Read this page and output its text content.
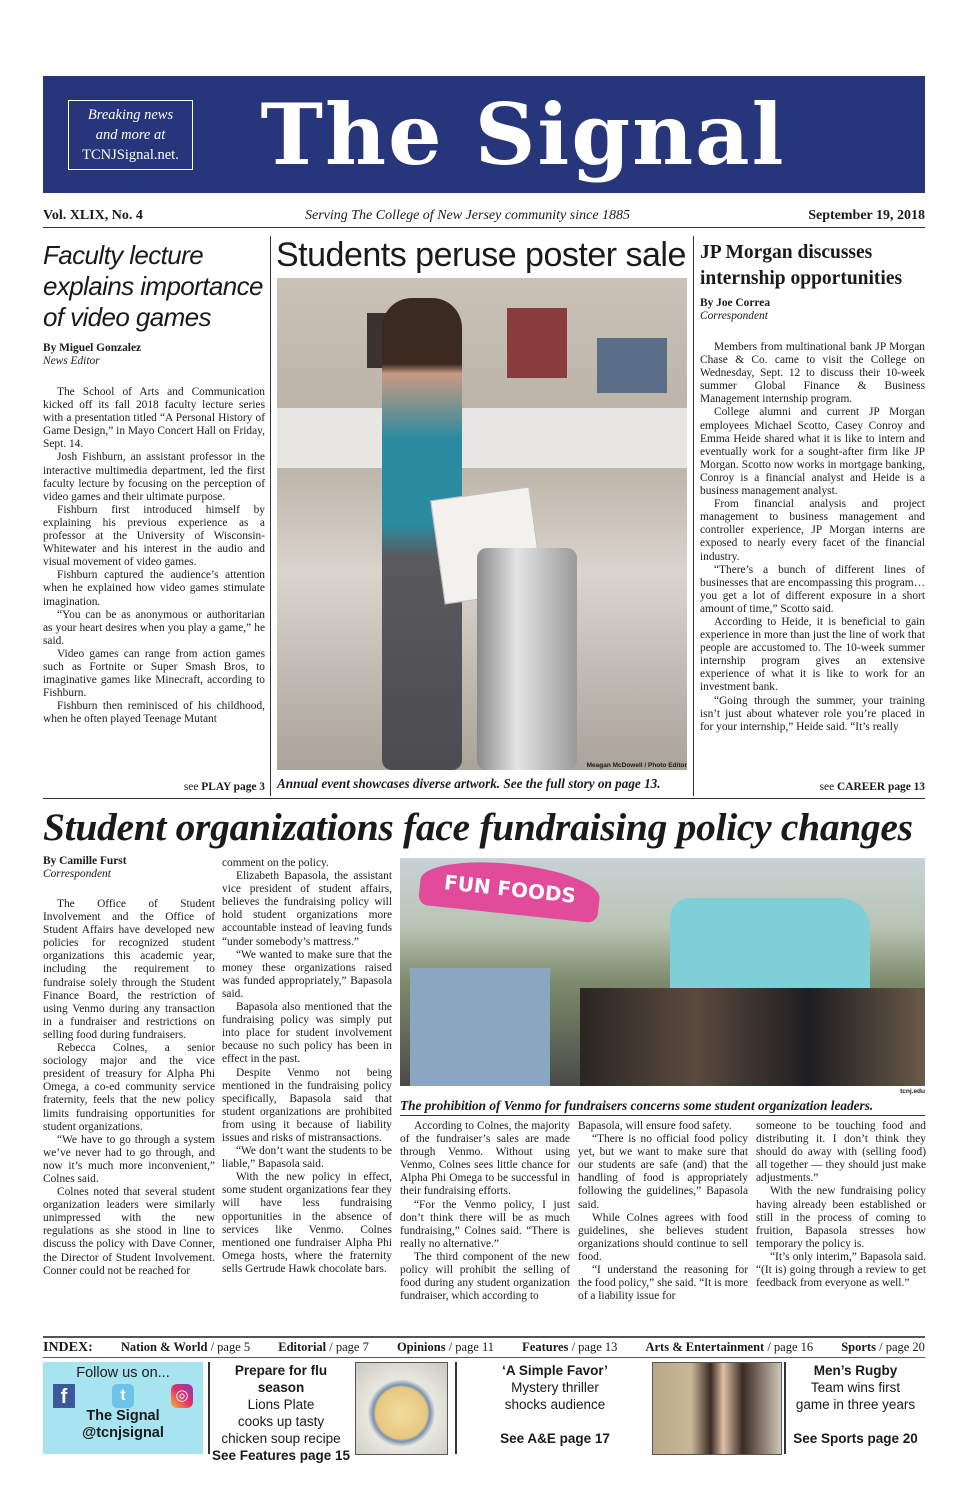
Breaking news
and more at
TCNJSignal.net. The Signal
Vol. XLIX, No. 4	Serving The College of New Jersey community since 1885	September 19, 2018
Faculty lecture explains importance of video games
By Miguel Gonzalez
News Editor

The School of Arts and Communication kicked off its fall 2018 faculty lecture series with a presentation titled “A Personal History of Game Design,” in Mayo Concert Hall on Friday, Sept. 14.

Josh Fishburn, an assistant professor in the interactive multimedia department, led the first faculty lecture by focusing on the perception of video games and their ultimate purpose.

Fishburn first introduced himself by explaining his previous experience as a professor at the University of Wisconsin-Whitewater and his interest in the audio and visual movement of video games.

Fishburn captured the audience’s attention when he explained how video games stimulate imagination.

“You can be as anonymous or authoritarian as your heart desires when you play a game,” he said.

Video games can range from action games such as Fortnite or Super Smash Bros, to imaginative games like Minecraft, according to Fishburn.

Fishburn then reminisced of his childhood, when he often played Teenage Mutant

see PLAY page 3
Students peruse poster sale
Meagan McDowell / Photo Editor
Annual event showcases diverse artwork. See the full story on page 13.
JP Morgan discusses internship opportunities
By Joe Correa
Correspondent

Members from multinational bank JP Morgan Chase & Co. came to visit the College on Wednesday, Sept. 12 to discuss their 10-week summer Global Finance & Business Management internship program.

College alumni and current JP Morgan employees Michael Scotto, Casey Conroy and Emma Heide shared what it is like to intern and eventually work for a sought-after firm like JP Morgan. Scotto now works in mortgage banking, Conroy is a financial analyst and Heide is a business management analyst.

From financial analysis and project management to business management and controller experience, JP Morgan interns are exposed to nearly every facet of the financial industry.

“There’s a bunch of different lines of businesses that are encompassing this program… you get a lot of different exposure in a short amount of time,” Scotto said.

According to Heide, it is beneficial to gain experience in more than just the line of work that people are accustomed to. The 10-week summer internship program gives an extensive experience of what it is like to work for an investment bank.

“Going through the summer, your training isn’t just about whatever role you’re placed in for your internship,” Heide said. “It’s really

see CAREER page 13
Student organizations face fundraising policy changes
By Camille Furst
Correspondent

The Office of Student Involvement and the Office of Student Affairs have developed new policies for recognized student organizations this academic year, including the requirement to fundraise solely through the Student Finance Board, the restriction of using Venmo during any transaction in a fundraiser and restrictions on selling food during fundraisers.

Rebecca Colnes, a senior sociology major and the vice president of treasury for Alpha Phi Omega, a co-ed community service fraternity, feels that the new policy limits fundraising opportunities for student organizations.

“We have to go through a system we’ve never had to go through, and now it’s much more inconvenient,” Colnes said.

Colnes noted that several student organization leaders were similarly unimpressed with the new regulations as she stood in line to discuss the policy with Dave Conner, the Director of Student Involvement. Conner could not be reached for

comment on the policy.

Elizabeth Bapasola, the assistant vice president of student affairs, believes the fundraising policy will hold student organizations more accountable instead of leaving funds “under somebody’s mattress.”

“We wanted to make sure that the money these organizations raised was funded appropriately,” Bapasola said.

Bapasola also mentioned that the fundraising policy was simply put into place for student involvement because no such policy has been in effect in the past.

Despite Venmo not being mentioned in the fundraising policy specifically, Bapasola said that student organizations are prohibited from using it because of liability issues and risks of mistransactions.

“We don’t want the students to be liable,” Bapasola said.

With the new policy in effect, some student organizations fear they will have less fundraising opportunities in the absence of services like Venmo. Colnes mentioned one fundraiser Alpha Phi Omega hosts, where the fraternity sells Gertrude Hawk chocolate bars.

FUN FOODS
tcnj.edu
The prohibition of Venmo for fundraisers concerns some student organization leaders.

According to Colnes, the majority of the fundraiser’s sales are made through Venmo. Without using Venmo, Colnes sees little chance for Alpha Phi Omega to be successful in their fundraising efforts.

“For the Venmo policy, I just don’t think there will be as much fundraising,” Colnes said. “There is really no alternative.”

The third component of the new policy will prohibit the selling of food during any student organization fundraiser, which according to

Bapasola, will ensure food safety.

“There is no official food policy yet, but we want to make sure that our students are safe (and) that the handling of food is appropriately following the guidelines,” Bapasola said.

While Colnes agrees with food guidelines, she believes student organizations should continue to sell food.

“I understand the reasoning for the food policy,” she said. “It is more of a liability issue for

someone to be touching food and distributing it. I don’t think they should do away with (selling food) all together — they should just make adjustments.”

With the new fundraising policy having already been established or still in the process of coming to fruition, Bapasola stresses how temporary the policy is.

“It’s only interim,” Bapasola said. “(It is) going through a review to get feedback from everyone as well.”

INDEX: Nation & World / page 5 Editorial / page 7 Opinions / page 11 Features / page 13 Arts & Entertainment / page 16 Sports / page 20
Follow us on...
f	t	◎
The Signal
@tcnjsignal
Prepare for flu season
Lions Plate
cooks up tasty
chicken soup recipe
See Features page 15
‘A Simple Favor’
Mystery thriller
shocks audience
See A&E page 17
Men’s Rugby
Team wins first
game in three years
See Sports page 20
